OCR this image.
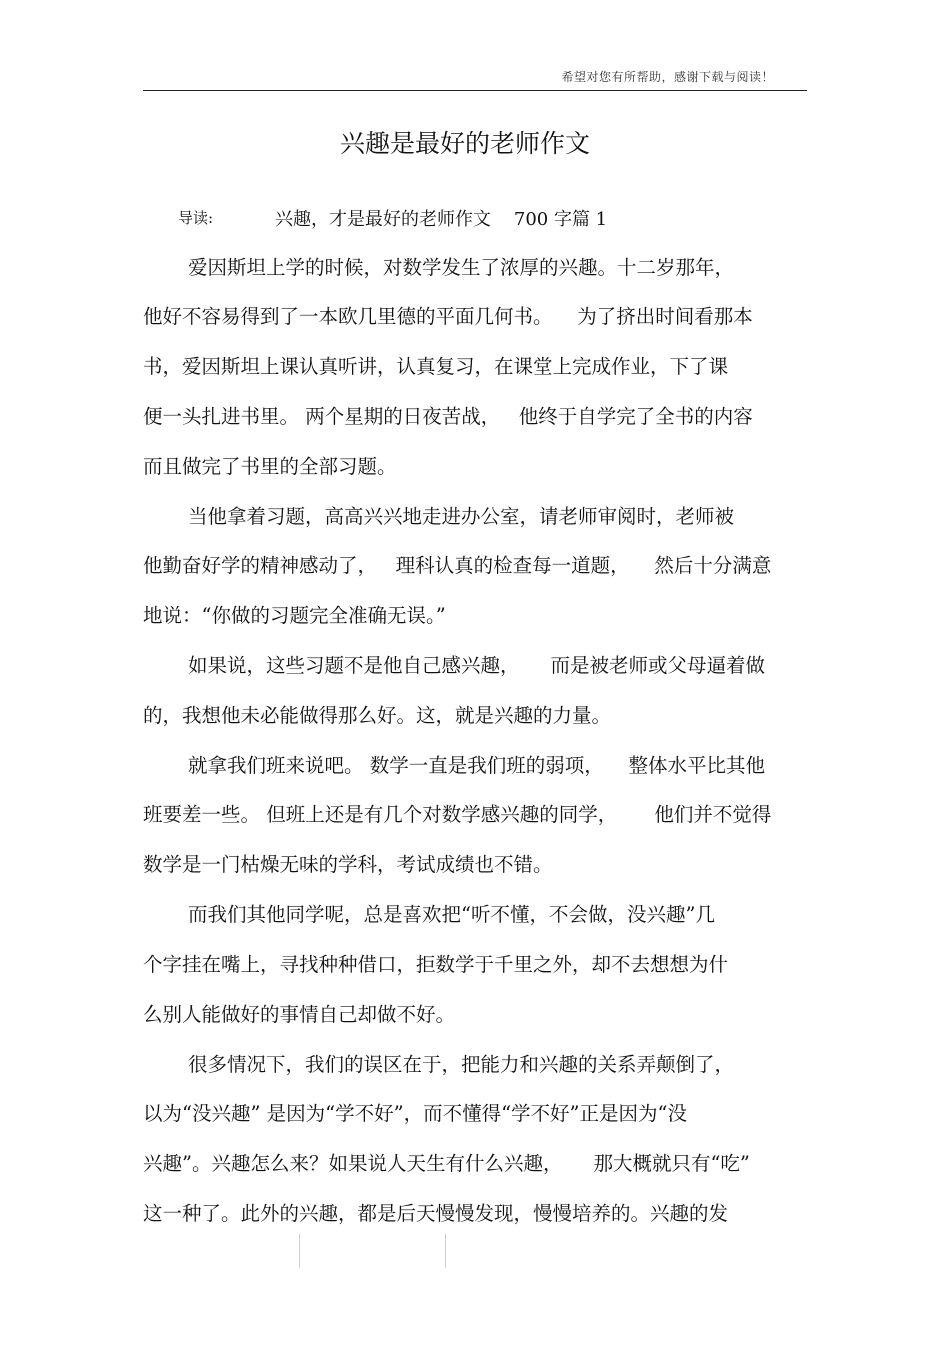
希望对您有所帮助，感谢下载与阅读！
兴趣是最好的老师作文
导读:	兴趣，才是最好的老师作文    700 字篇 1
爱因斯坦上学的时候，对数学发生了浓厚的兴趣。十二岁那年，
他好不容易得到了一本欧几里德的平面几何书。    为了挤出时间看那本
书，爱因斯坦上课认真听讲，认真复习，在课堂上完成作业，下了课
便一头扎进书里。 两个星期的日夜苦战，   他终于自学完了全书的内容
而且做完了书里的全部习题。
当他拿着习题，高高兴兴地走进办公室，请老师审阅时，老师被
他勤奋好学的精神感动了，   理科认真的检查每一道题，    然后十分满意
地说：“你做的习题完全准确无误。”
如果说，这些习题不是他自己感兴趣，     而是被老师或父母逼着做
的，我想他未必能做得那么好。这，就是兴趣的力量。
就拿我们班来说吧。 数学一直是我们班的弱项，    整体水平比其他
班要差一些。 但班上还是有几个对数学感兴趣的同学，      他们并不觉得
数学是一门枯燥无味的学科，考试成绩也不错。
而我们其他同学呢，总是喜欢把“听不懂，不会做，没兴趣”几
个字挂在嘴上，寻找种种借口，拒数学于千里之外，却不去想想为什
么别人能做好的事情自己却做不好。
很多情况下，我们的误区在于，把能力和兴趣的关系弄颠倒了，
以为“没兴趣” 是因为“学不好”，而不懂得“学不好”正是因为“没
兴趣”。兴趣怎么来？如果说人天生有什么兴趣，     那大概就只有“吃”
这一种了。此外的兴趣，都是后天慢慢发现，慢慢培养的。兴趣的发
